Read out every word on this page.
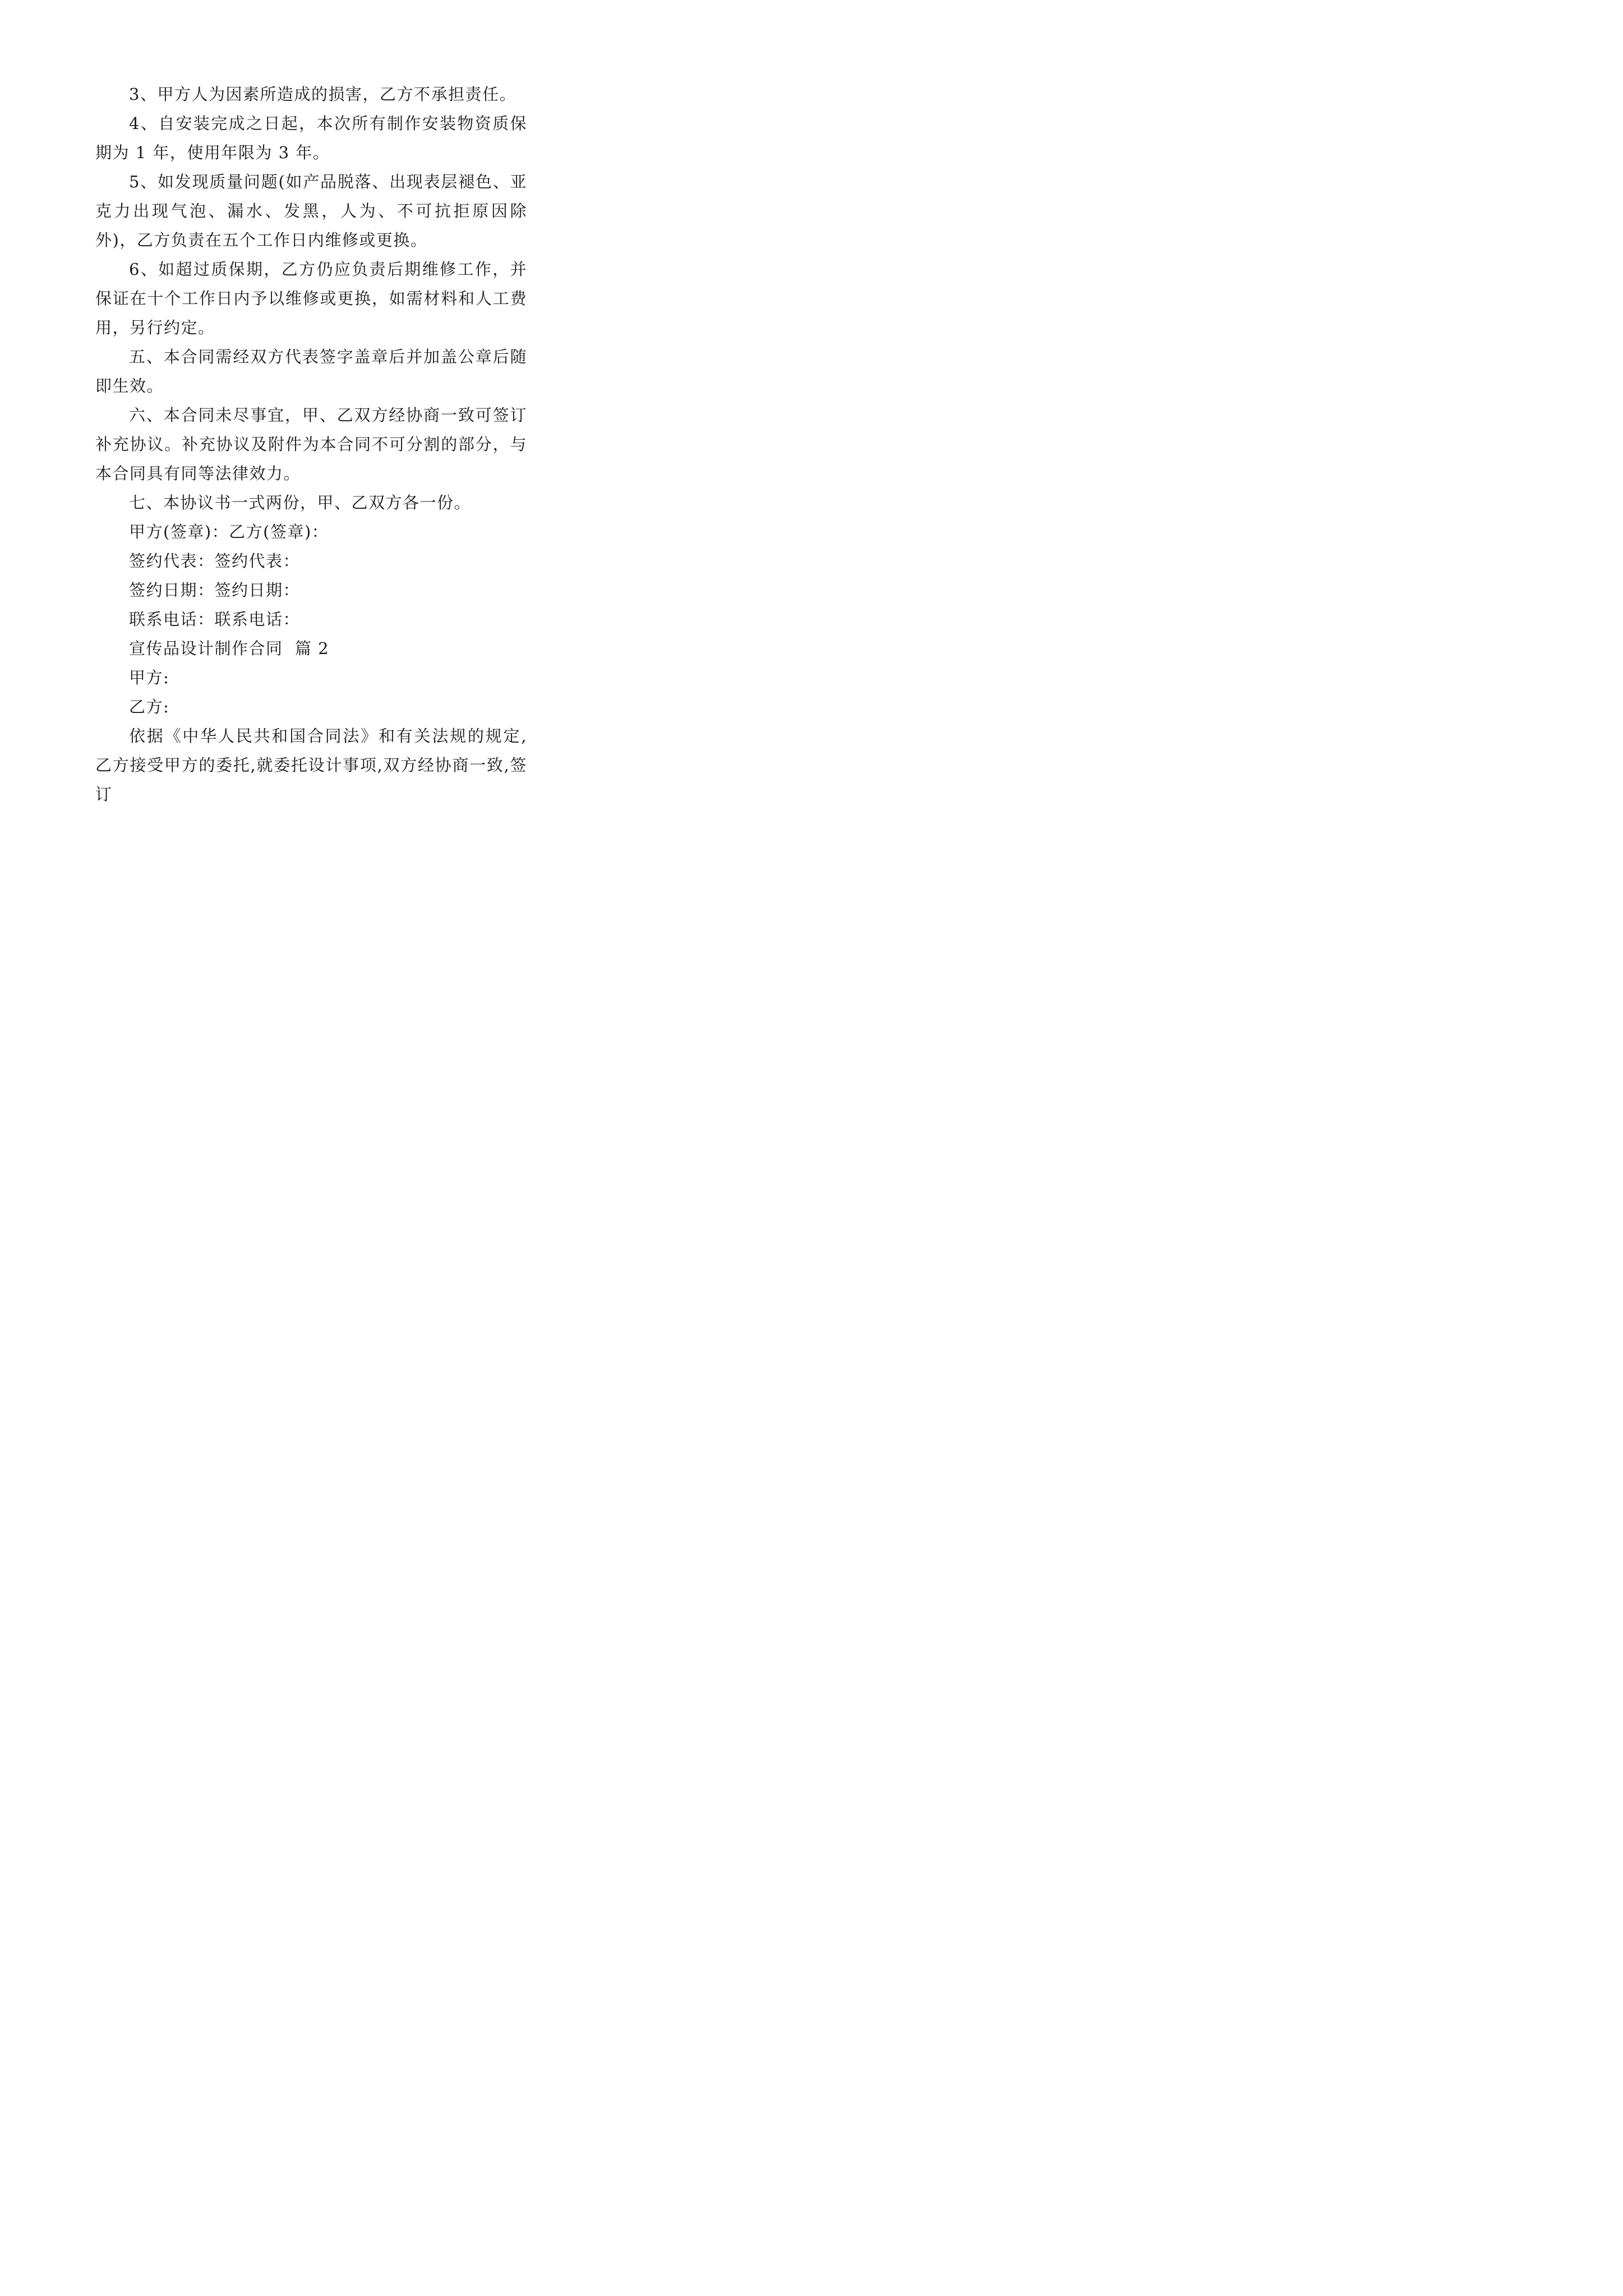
3、甲方人为因素所造成的损害，乙方不承担责任。

4、自安装完成之日起，本次所有制作安装物资质保期为 1 年，使用年限为 3 年。

5、如发现质量问题(如产品脱落、出现表层褪色、亚克力出现气泡、漏水、发黑，人为、不可抗拒原因除外)，乙方负责在五个工作日内维修或更换。

6、如超过质保期，乙方仍应负责后期维修工作，并保证在十个工作日内予以维修或更换，如需材料和人工费用，另行约定。

五、本合同需经双方代表签字盖章后并加盖公章后随即生效。

六、本合同未尽事宜，甲、乙双方经协商一致可签订补充协议。补充协议及附件为本合同不可分割的部分，与本合同具有同等法律效力。

七、本协议书一式两份，甲、乙双方各一份。

甲方(签章)：乙方(签章)：

签约代表：签约代表：

签约日期：签约日期：

联系电话：联系电话：

宣传品设计制作合同  篇 2

甲方:

乙方:

依据《中华人民共和国合同法》和有关法规的规定,乙方接受甲方的委托,就委托设计事项,双方经协商一致,签订
